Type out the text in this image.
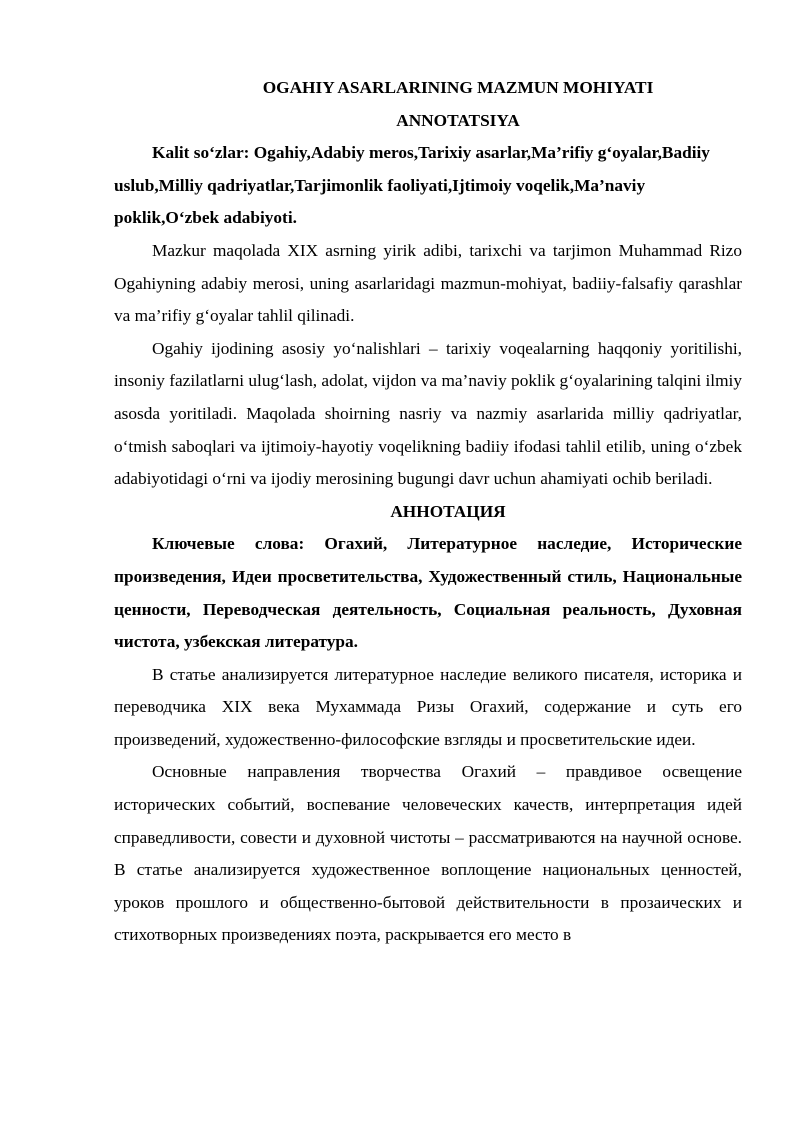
OGAHIY ASARLARINING MAZMUN MOHIYATI
ANNOTATSIYA

Kalit so‘zlar: Ogahiy,Adabiy meros,Tarixiy asarlar,Ma’rifiy g‘oyalar,Badiiy uslub,Milliy qadriyatlar,Tarjimonlik faoliyati,Ijtimoiy voqelik,Ma’naviy poklik,O‘zbek adabiyoti.

Mazkur maqolada XIX asrning yirik adibi, tarixchi va tarjimon Muhammad Rizo Ogahiyning adabiy merosi, uning asarlaridagi mazmun-mohiyat, badiiy-falsafiy qarashlar va ma’rifiy g‘oyalar tahlil qilinadi.

Ogahiy ijodining asosiy yo‘nalishlari – tarixiy voqealarning haqqoniy yoritilishi, insoniy fazilatlarni ulug‘lash, adolat, vijdon va ma’naviy poklik g‘oyalarining talqini ilmiy asosda yoritiladi. Maqolada shoirning nasriy va nazmiy asarlarida milliy qadriyatlar, o‘tmish saboqlari va ijtimoiy-hayotiy voqelikning badiiy ifodasi tahlil etilib, uning o‘zbek adabiyotidagi o‘rni va ijodiy merosining bugungi davr uchun ahamiyati ochib beriladi.

АННОТАЦИЯ

Ключевые слова: Огахий, Литературное наследие, Исторические произведения, Идеи просветительства, Художественный стиль, Национальные ценности, Переводческая деятельность, Социальная реальность, Духовная чистота, узбекская литература.

В статье анализируется литературное наследие великого писателя, историка и переводчика XIX века Мухаммада Ризы Огахий, содержание и суть его произведений, художественно-философские взгляды и просветительские идеи.

Основные направления творчества Огахий – правдивое освещение исторических событий, воспевание человеческих качеств, интерпретация идей справедливости, совести и духовной чистоты – рассматриваются на научной основе. В статье анализируется художественное воплощение национальных ценностей, уроков прошлого и общественно-бытовой действительности в прозаических и стихотворных произведениях поэта, раскрывается его место в
